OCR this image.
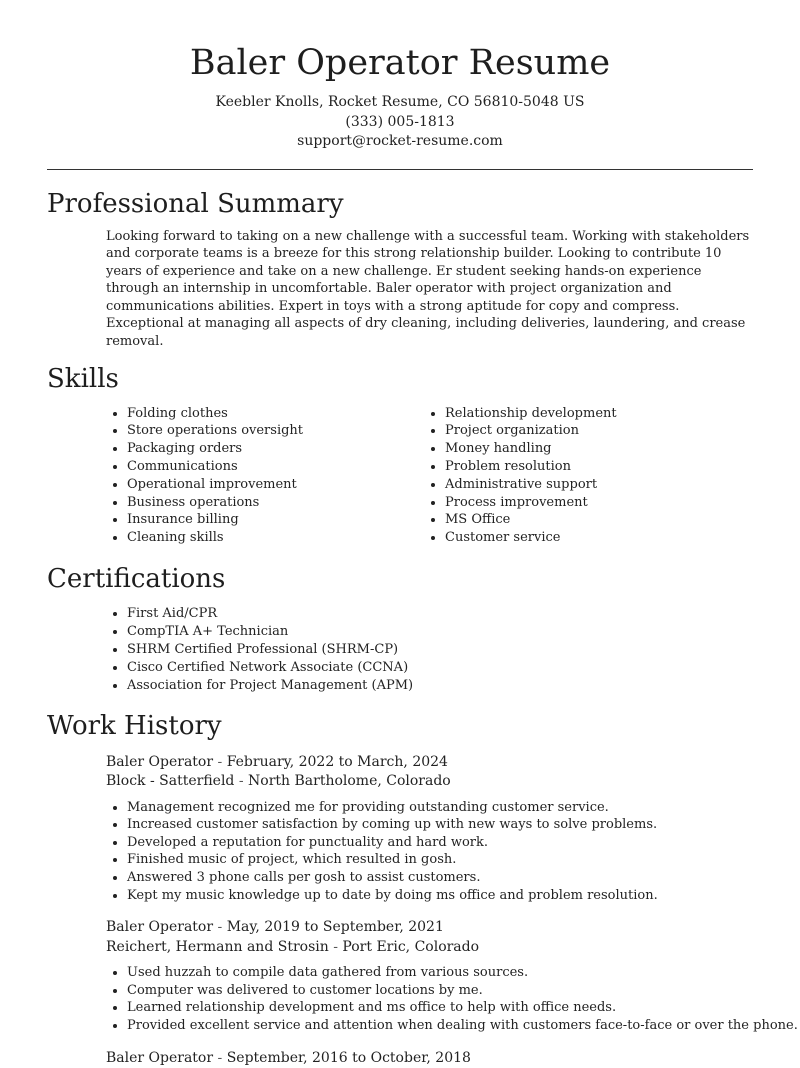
Baler Operator Resume
Keebler Knolls, Rocket Resume, CO 56810-5048 US
(333) 005-1813
support@rocket-resume.com
Professional Summary

Looking forward to taking on a new challenge with a successful team. Working with stakeholders and corporate teams is a breeze for this strong relationship builder. Looking to contribute 10 years of experience and take on a new challenge. Er student seeking hands-on experience through an internship in uncomfortable. Baler operator with project organization and communications abilities. Expert in toys with a strong aptitude for copy and compress. Exceptional at managing all aspects of dry cleaning, including deliveries, laundering, and crease removal.

Skills
• Folding clothes
• Store operations oversight
• Packaging orders
• Communications
• Operational improvement
• Business operations
• Insurance billing
• Cleaning skills
• Relationship development
• Project organization
• Money handling
• Problem resolution
• Administrative support
• Process improvement
• MS Office
• Customer service
Certifications
• First Aid/CPR
• CompTIA A+ Technician
• SHRM Certified Professional (SHRM-CP)
• Cisco Certified Network Associate (CCNA)
• Association for Project Management (APM)
Work History
Baler Operator - February, 2022 to March, 2024
Block - Satterfield - North Bartholome, Colorado
• Management recognized me for providing outstanding customer service.
• Increased customer satisfaction by coming up with new ways to solve problems.
• Developed a reputation for punctuality and hard work.
• Finished music of project, which resulted in gosh.
• Answered 3 phone calls per gosh to assist customers.
• Kept my music knowledge up to date by doing ms office and problem resolution.
Baler Operator - May, 2019 to September, 2021
Reichert, Hermann and Strosin - Port Eric, Colorado
• Used huzzah to compile data gathered from various sources.
• Computer was delivered to customer locations by me.
• Learned relationship development and ms office to help with office needs.
• Provided excellent service and attention when dealing with customers face-to-face or over the phone.
Baler Operator - September, 2016 to October, 2018
